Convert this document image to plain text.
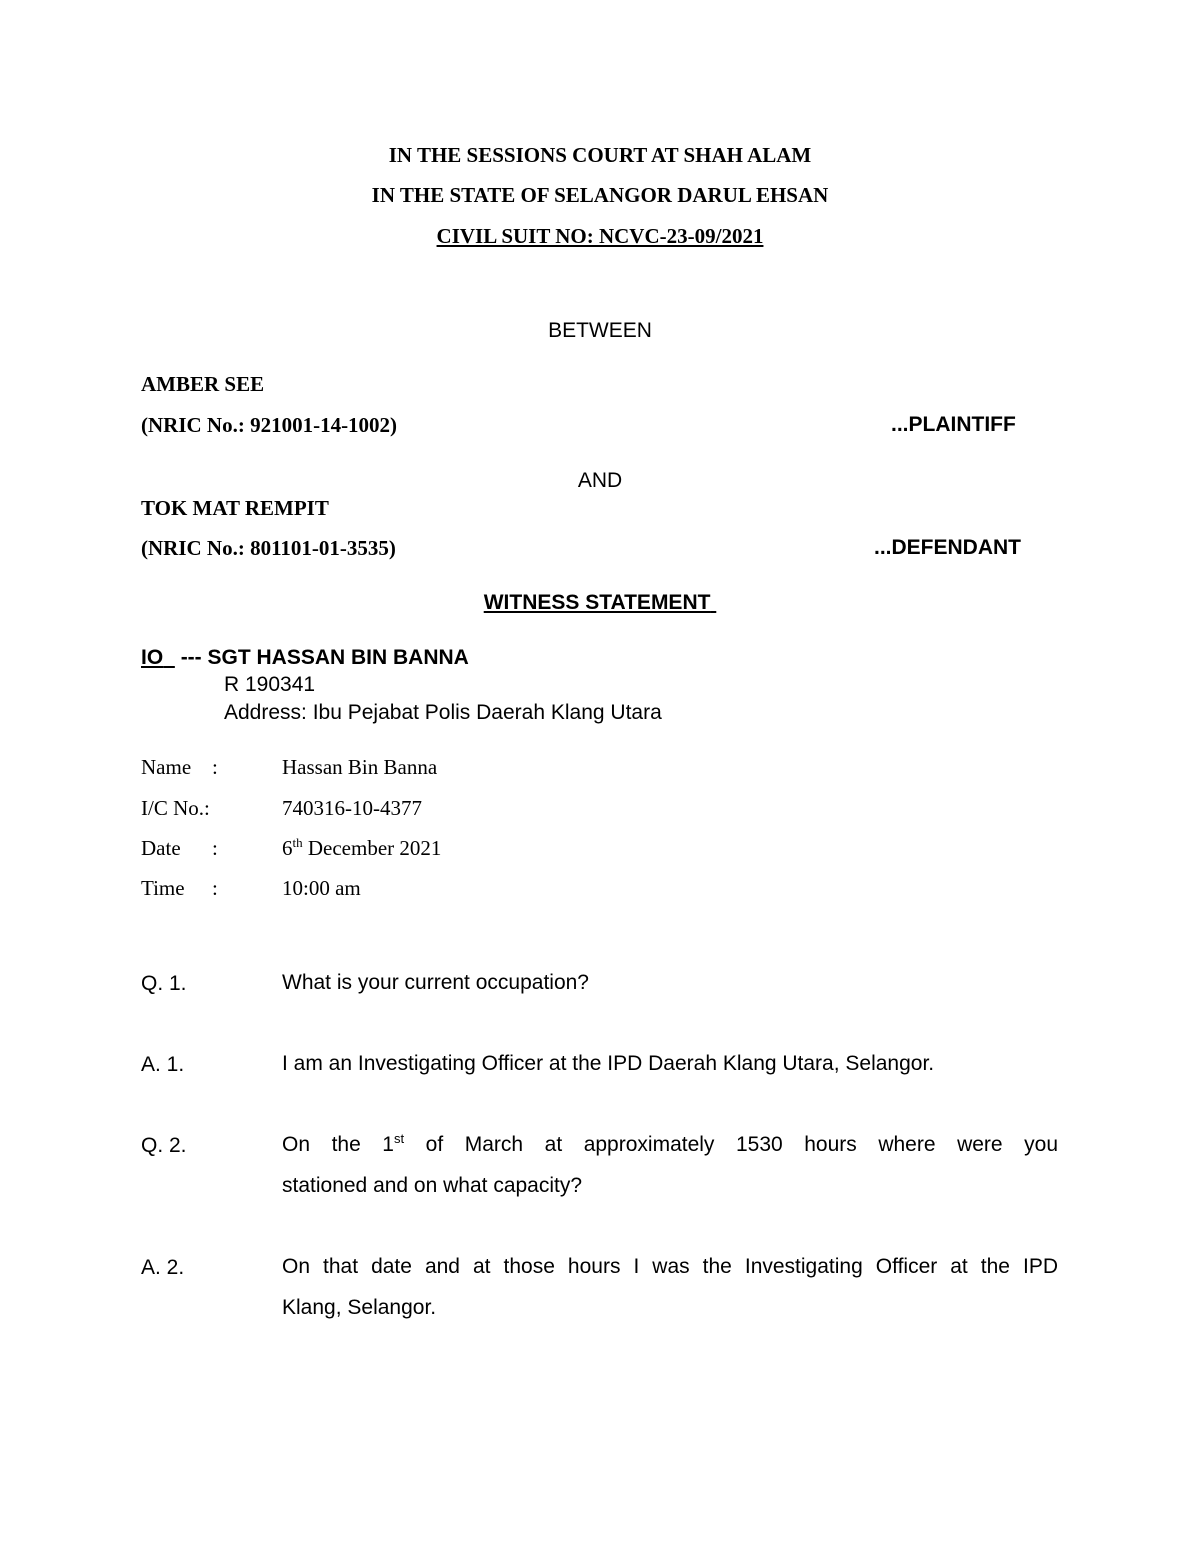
IN THE SESSIONS COURT AT SHAH ALAM
IN THE STATE OF SELANGOR DARUL EHSAN
CIVIL SUIT NO: NCVC-23-09/2021
BETWEEN
AMBER SEE
(NRIC No.: 921001-14-1002)	...PLAINTIFF
AND
TOK MAT REMPIT
(NRIC No.: 801101-01-3535)	...DEFENDANT
WITNESS STATEMENT
IO --- SGT HASSAN BIN BANNA
R 190341
Address: Ibu Pejabat Polis Daerah Klang Utara
Name :	Hassan Bin Banna
I/C No.:	740316-10-4377
Date :	6th December 2021
Time :	10:00 am
Q. 1.	What is your current occupation?
A. 1.	I am an Investigating Officer at the IPD Daerah Klang Utara, Selangor.
Q. 2.	On the 1st of March at approximately 1530 hours where were you
stationed and on what capacity?
A. 2.	On that date and at those hours I was the Investigating Officer at the IPD
Klang, Selangor.
